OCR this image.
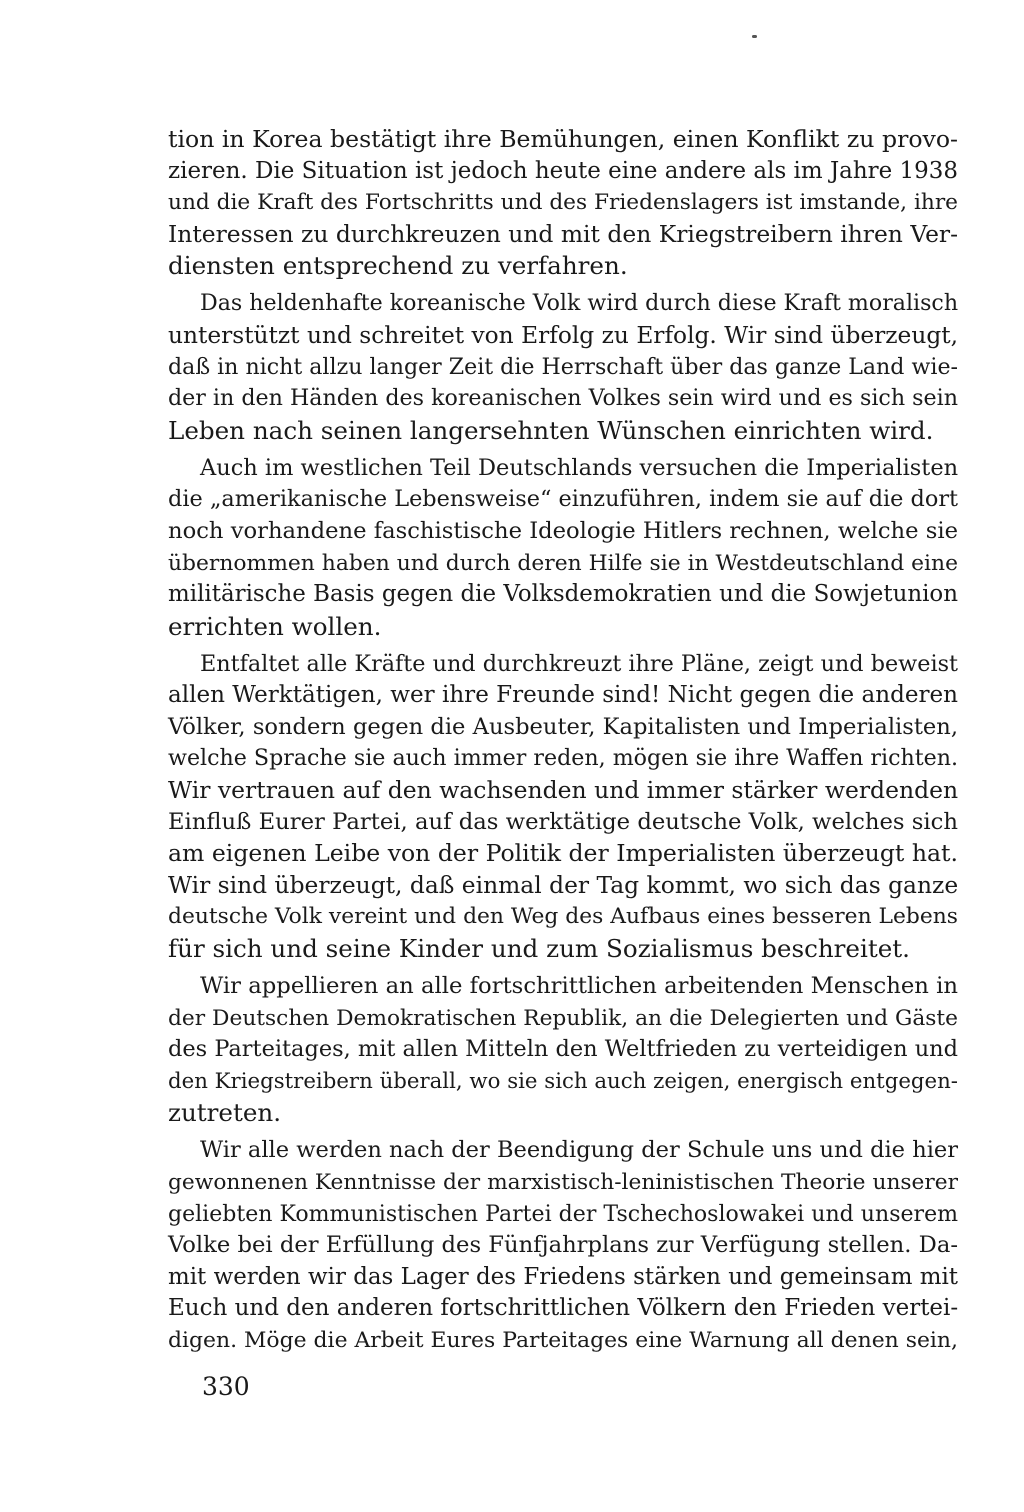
tion in Korea bestätigt ihre Bemühungen, einen Konflikt zu provo-
zieren. Die Situation ist jedoch heute eine andere als im Jahre 1938
und die Kraft des Fortschritts und des Friedenslagers ist imstande, ihre
Interessen zu durchkreuzen und mit den Kriegstreibern ihren Ver-
diensten entsprechend zu verfahren.
Das heldenhafte koreanische Volk wird durch diese Kraft moralisch
unterstützt und schreitet von Erfolg zu Erfolg. Wir sind überzeugt,
daß in nicht allzu langer Zeit die Herrschaft über das ganze Land wie-
der in den Händen des koreanischen Volkes sein wird und es sich sein
Leben nach seinen langersehnten Wünschen einrichten wird.
Auch im westlichen Teil Deutschlands versuchen die Imperialisten
die „amerikanische Lebensweise“ einzuführen, indem sie auf die dort
noch vorhandene faschistische Ideologie Hitlers rechnen, welche sie
übernommen haben und durch deren Hilfe sie in Westdeutschland eine
militärische Basis gegen die Volksdemokratien und die Sowjetunion
errichten wollen.
Entfaltet alle Kräfte und durchkreuzt ihre Pläne, zeigt und beweist
allen Werktätigen, wer ihre Freunde sind! Nicht gegen die anderen
Völker, sondern gegen die Ausbeuter, Kapitalisten und Imperialisten,
welche Sprache sie auch immer reden, mögen sie ihre Waffen richten.
Wir vertrauen auf den wachsenden und immer stärker werdenden
Einfluß Eurer Partei, auf das werktätige deutsche Volk, welches sich
am eigenen Leibe von der Politik der Imperialisten überzeugt hat.
Wir sind überzeugt, daß einmal der Tag kommt, wo sich das ganze
deutsche Volk vereint und den Weg des Aufbaus eines besseren Lebens
für sich und seine Kinder und zum Sozialismus beschreitet.
Wir appellieren an alle fortschrittlichen arbeitenden Menschen in
der Deutschen Demokratischen Republik, an die Delegierten und Gäste
des Parteitages, mit allen Mitteln den Weltfrieden zu verteidigen und
den Kriegstreibern überall, wo sie sich auch zeigen, energisch entgegen-
zutreten.
Wir alle werden nach der Beendigung der Schule uns und die hier
gewonnenen Kenntnisse der marxistisch-leninistischen Theorie unserer
geliebten Kommunistischen Partei der Tschechoslowakei und unserem
Volke bei der Erfüllung des Fünfjahrplans zur Verfügung stellen. Da-
mit werden wir das Lager des Friedens stärken und gemeinsam mit
Euch und den anderen fortschrittlichen Völkern den Frieden vertei-
digen. Möge die Arbeit Eures Parteitages eine Warnung all denen sein,
330
